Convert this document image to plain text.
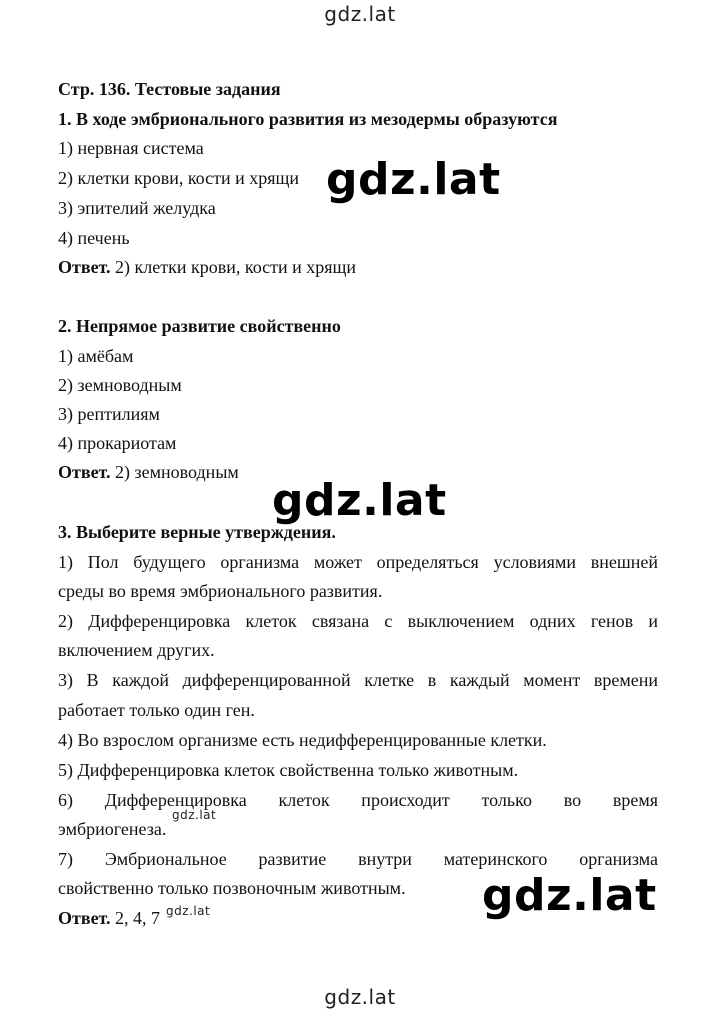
gdz.lat
Стр. 136. Тестовые задания
1. В ходе эмбрионального развития из мезодермы образуются
1) нервная система
2) клетки крови, кости и хрящи
3) эпителий желудка
4) печень
Ответ. 2) клетки крови, кости и хрящи
2. Непрямое развитие свойственно
1) амёбам
2) земноводным
3) рептилиям
4) прокариотам
Ответ. 2) земноводным
3. Выберите верные утверждения.
1) Пол будущего организма может определяться условиями внешней
среды во время эмбрионального развития.
2) Дифференцировка клеток связана с выключением одних генов и
включением других.
3) В каждой дифференцированной клетке в каждый момент времени
работает только один ген.
4) Во взрослом организме есть недифференцированные клетки.
5) Дифференцировка клеток свойственна только животным.
6) Дифференцировка клеток происходит только во время
эмбриогенеза.
7) Эмбриональное развитие внутри материнского организма
свойственно только позвоночным животным.
Ответ. 2, 4, 7
gdz.lat
gdz.lat
gdz.lat
gdz.lat
gdz.lat
gdz.lat
